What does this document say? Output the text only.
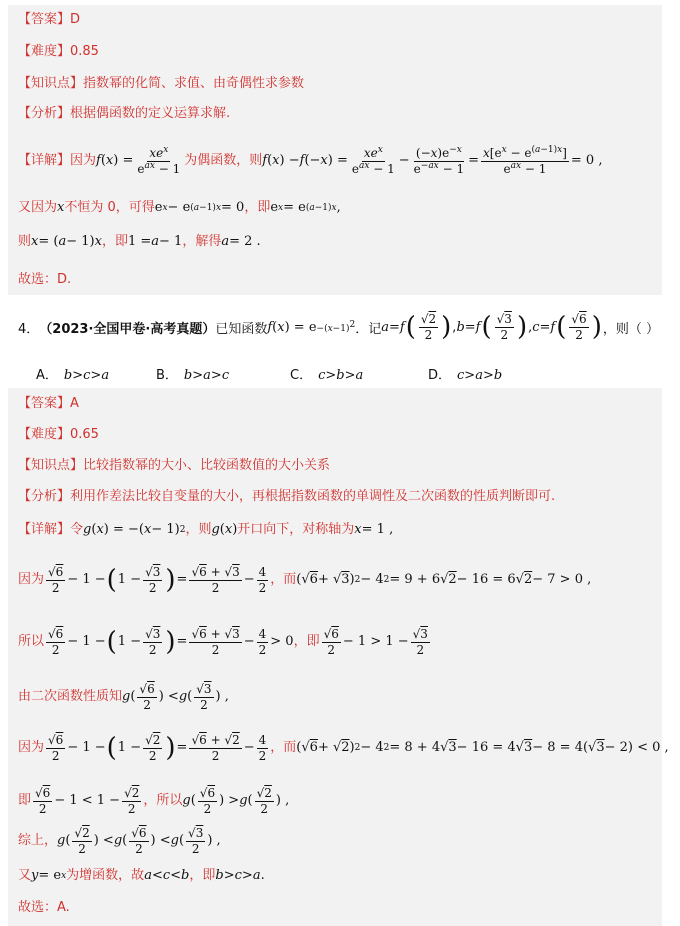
【答案】D
【难度】0.85
【知识点】指数幂的化简、求值、由奇偶性求参数
【分析】根据偶函数的定义运算求解.
【详解】 因为 f ( x ) = $\frac{xe^x}{e^{ax} - 1}$ 为偶函数，则 f ( x ) − f (− x ) = $\frac{xe^x}{e^{ax} - 1} - \frac{(-x)e^{-x}}{e^{-ax} - 1} = \frac{x[e^x - e^{(a-1)x}]}{e^{ax} - 1} = 0$ ,
又因为 x 不恒为 0，可得 e x − e (a−1)x = 0 ，即 e x = e (a−1)x ,
则 x = ( a − 1) x ，即 1 = a − 1 ，解得 a = 2 .
故选：D.
4． （2023·全国甲卷·高考真题） 已知函数 f ( x ) = $e -(x-1)^2$ ．记 a = f ( $\frac{√2}{2}$ ) , b = f ( $\frac{√3}{2}$ ) , c = f ( $\frac{√6}{2}$ ) ，则（ ）
A． b > c > a	B． b > a > c	C． c > b > a	D． c > a > b
【答案】A
【难度】0.65
【知识点】比较指数幂的大小、比较函数值的大小关系
【分析】利用作差法比较自变量的大小，再根据指数函数的单调性及二次函数的性质判断即可.
【详解】 令 g ( x ) = −( x − 1) 2 ，则 g ( x ) 开口向下，对称轴为 x = 1 ,
因为 $\frac{√6}{2} - 1$ − ( $1 - \frac{√3}{2}$ ) = $\frac{√6 + √3}{2} - \frac{4}{2}$ ，而 (√ 6 + √ 3 ) 2 − 4 2 = 9 + 6√ 2 − 16 = 6√ 2 − 7 > 0 ,
所以 $\frac{√6}{2} - 1$ − ( $1 - \frac{√3}{2}$ ) = $\frac{√6 + √3}{2} - \frac{4}{2} > 0$ ，即 $\frac{√6}{2} - 1 > 1 - \frac{√3}{2}$
由二次函数性质知 g ( $\frac{√6}{2}$ ) < g ( $\frac{√3}{2}$ ) ,
因为 $\frac{√6}{2} - 1$ − ( $1 - \frac{√2}{2}$ ) = $\frac{√6 + √2}{2} - \frac{4}{2}$ ，而 (√ 6 + √ 2 ) 2 − 4 2 = 8 + 4√ 3 − 16 = 4√ 3 − 8 = 4(√ 3 − 2) < 0 ,
即 $\frac{√6}{2} - 1 < 1 - \frac{√2}{2}$ ，所以 g ( $\frac{√6}{2}$ ) > g ( $\frac{√2}{2}$ ) ,
综上， g ( $\frac{√2}{2}$ ) < g ( $\frac{√6}{2}$ ) < g ( $\frac{√3}{2}$ ) ,
又 y = e x 为增函数，故 a < c < b ，即 b > c > a .
故选：A.
